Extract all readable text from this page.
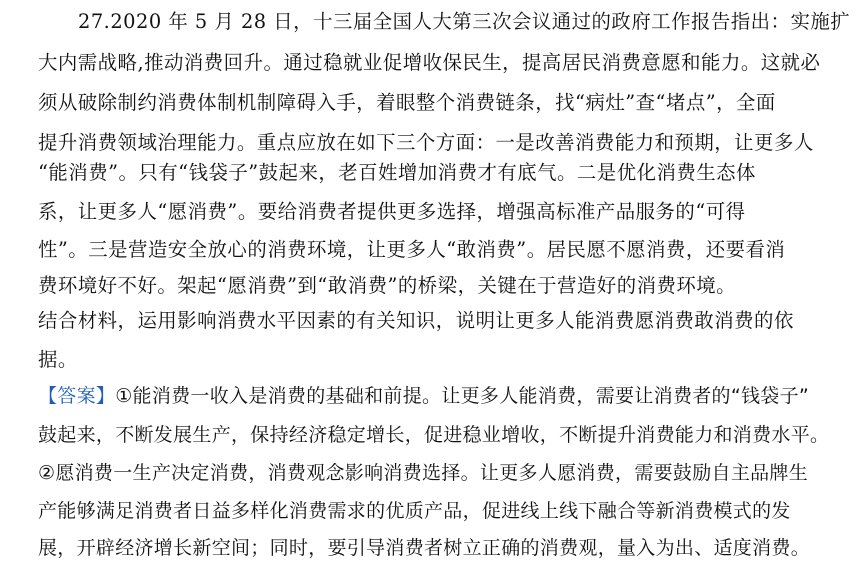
27.2020 年 5 月 28 日，十三届全国人大第三次会议通过的政府工作报告指出：实施扩
大内需战略,推动消费回升。通过稳就业促增收保民生，提高居民消费意愿和能力。这就必
须从破除制约消费体制机制障碍入手，着眼整个消费链条，找“病灶”查“堵点”，全面
提升消费领域治理能力。重点应放在如下三个方面：一是改善消费能力和预期，让更多人
“能消费”。只有“钱袋子”鼓起来，老百姓增加消费才有底气。二是优化消费生态体
系，让更多人“愿消费”。要给消费者提供更多选择，增强高标准产品服务的“可得
性”。三是营造安全放心的消费环境，让更多人“敢消费”。居民愿不愿消费，还要看消
费环境好不好。架起“愿消费”到“敢消费”的桥梁，关键在于营造好的消费环境。
结合材料，运用影响消费水平因素的有关知识，说明让更多人能消费愿消费敢消费的依
据。
【答案】①能消费一收入是消费的基础和前提。让更多人能消费，需要让消费者的“钱袋子”
鼓起来，不断发展生产，保持经济稳定增长，促进稳业增收，不断提升消费能力和消费水平。
②愿消费一生产决定消费，消费观念影响消费选择。让更多人愿消费，需要鼓励自主品牌生
产能够满足消费者日益多样化消费需求的优质产品，促进线上线下融合等新消费模式的发
展，开辟经济增长新空间；同时，要引导消费者树立正确的消费观，量入为出、适度消费。
